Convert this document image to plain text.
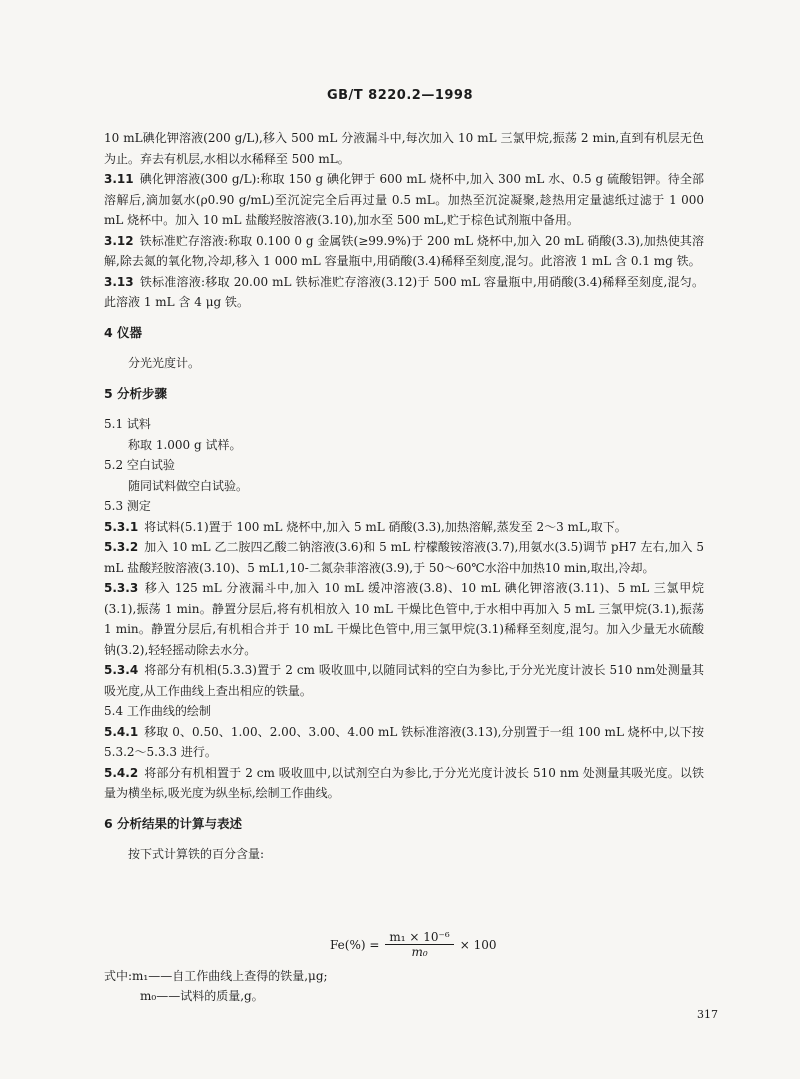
GB/T 8220.2—1998

10 mL碘化钾溶液(200 g/L),移入 500 mL 分液漏斗中,每次加入 10 mL 三氯甲烷,振荡 2 min,直到有机层无色为止。弃去有机层,水相以水稀释至 500 mL。

3.11 碘化钾溶液(300 g/L):称取 150 g 碘化钾于 600 mL 烧杯中,加入 300 mL 水、0.5 g 硫酸铝钾。待全部溶解后,滴加氨水(ρ0.90 g/mL)至沉淀完全后再过量 0.5 mL。加热至沉淀凝聚,趁热用定量滤纸过滤于 1 000 mL 烧杯中。加入 10 mL 盐酸羟胺溶液(3.10),加水至 500 mL,贮于棕色试剂瓶中备用。

3.12 铁标准贮存溶液:称取 0.100 0 g 金属铁(≥99.9%)于 200 mL 烧杯中,加入 20 mL 硝酸(3.3),加热使其溶解,除去氮的氧化物,冷却,移入 1 000 mL 容量瓶中,用硝酸(3.4)稀释至刻度,混匀。此溶液 1 mL 含 0.1 mg 铁。

3.13 铁标准溶液:移取 20.00 mL 铁标准贮存溶液(3.12)于 500 mL 容量瓶中,用硝酸(3.4)稀释至刻度,混匀。此溶液 1 mL 含 4 μg 铁。

4 仪器

分光光度计。

5 分析步骤

5.1 试料

称取 1.000 g 试样。

5.2 空白试验

随同试料做空白试验。

5.3 测定

5.3.1 将试料(5.1)置于 100 mL 烧杯中,加入 5 mL 硝酸(3.3),加热溶解,蒸发至 2～3 mL,取下。

5.3.2 加入 10 mL 乙二胺四乙酸二钠溶液(3.6)和 5 mL 柠檬酸铵溶液(3.7),用氨水(3.5)调节 pH7 左右,加入 5 mL 盐酸羟胺溶液(3.10)、5 mL1,10-二氮杂菲溶液(3.9),于 50～60℃水浴中加热10 min,取出,冷却。

5.3.3 移入 125 mL 分液漏斗中,加入 10 mL 缓冲溶液(3.8)、10 mL 碘化钾溶液(3.11)、5 mL 三氯甲烷(3.1),振荡 1 min。静置分层后,将有机相放入 10 mL 干燥比色管中,于水相中再加入 5 mL 三氯甲烷(3.1),振荡 1 min。静置分层后,有机相合并于 10 mL 干燥比色管中,用三氯甲烷(3.1)稀释至刻度,混匀。加入少量无水硫酸钠(3.2),轻轻摇动除去水分。

5.3.4 将部分有机相(5.3.3)置于 2 cm 吸收皿中,以随同试料的空白为参比,于分光光度计波长 510 nm处测量其吸光度,从工作曲线上查出相应的铁量。

5.4 工作曲线的绘制

5.4.1 移取 0、0.50、1.00、2.00、3.00、4.00 mL 铁标准溶液(3.13),分别置于一组 100 mL 烧杯中,以下按 5.3.2～5.3.3 进行。

5.4.2 将部分有机相置于 2 cm 吸收皿中,以试剂空白为参比,于分光光度计波长 510 nm 处测量其吸光度。以铁量为横坐标,吸光度为纵坐标,绘制工作曲线。

6 分析结果的计算与表述

按下式计算铁的百分含量:

$Fe(\%) = \frac{\text{m₁ × 10⁻⁶}}{\text{m₀}} \times 100$
式中:m₁——自工作曲线上查得的铁量,μg;
m₀——试料的质量,g。
317
